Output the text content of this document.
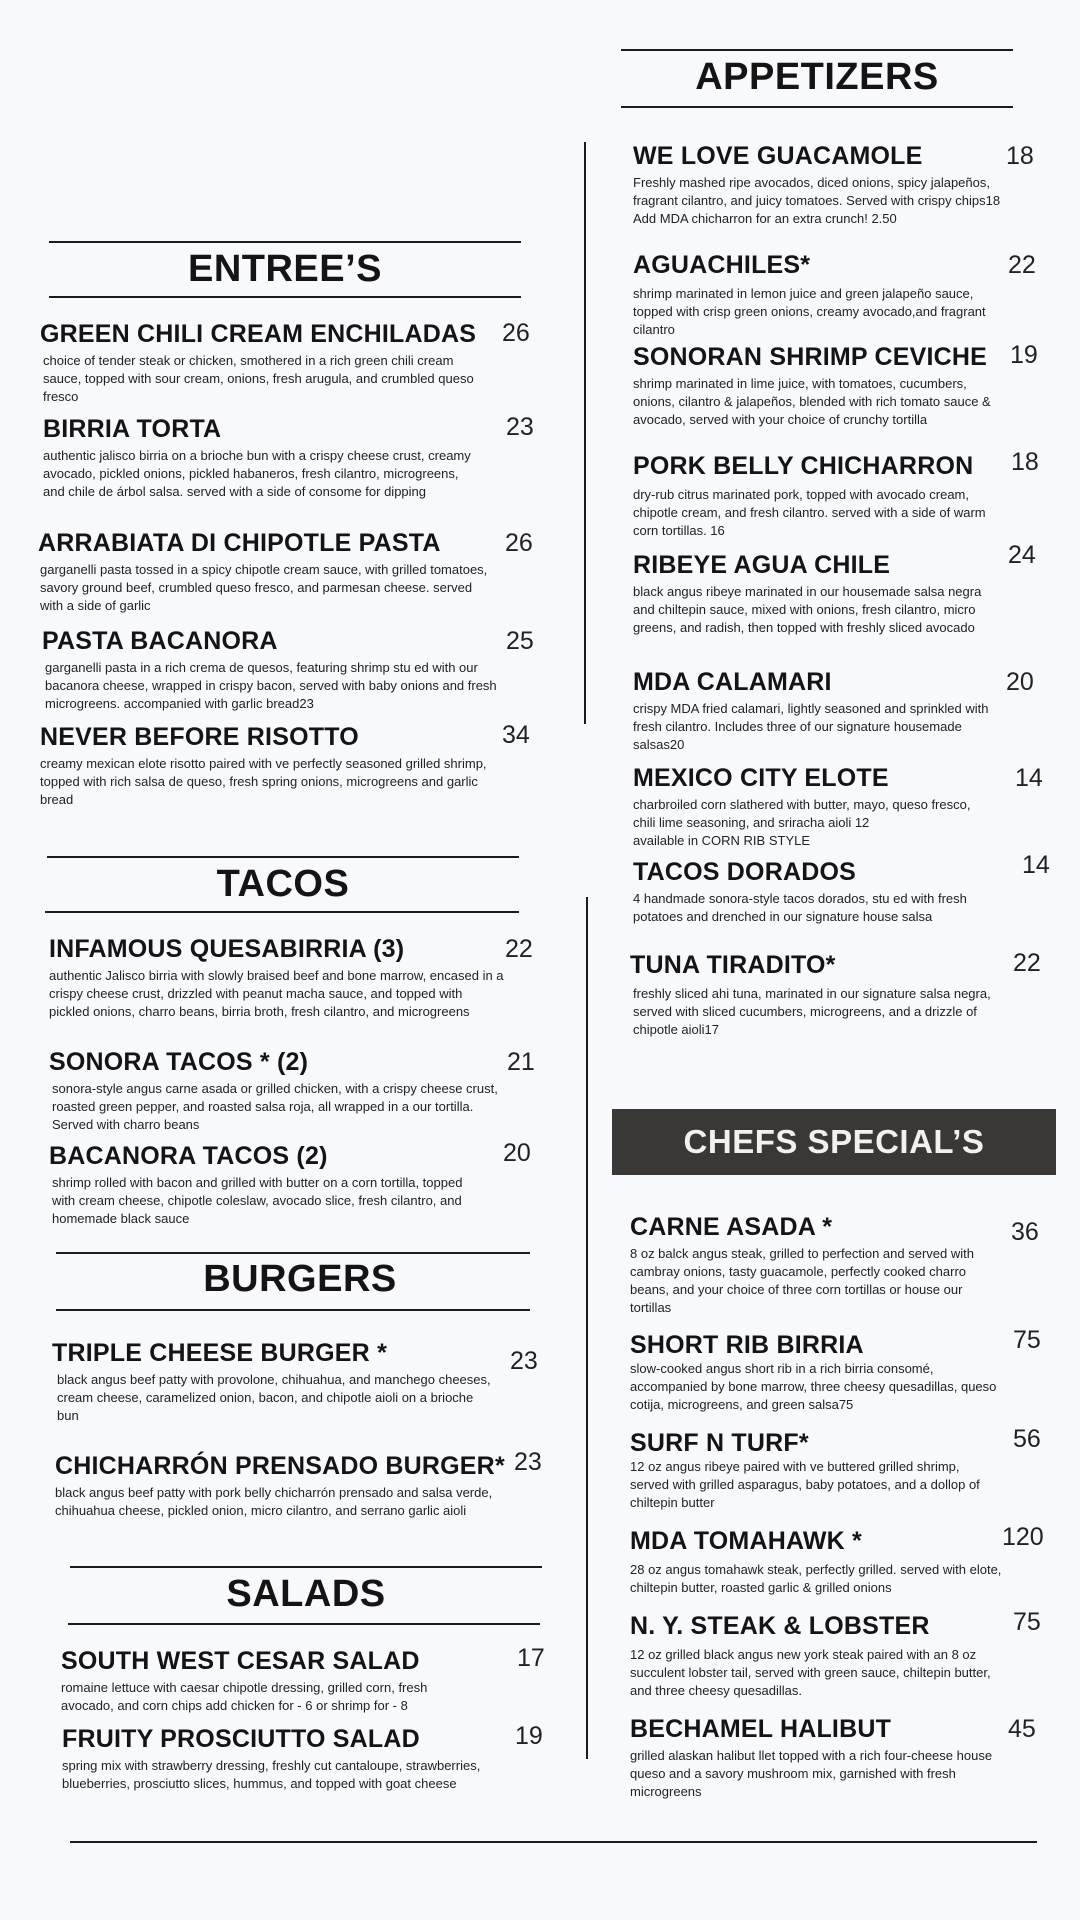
ENTREE’S
TACOS
BURGERS
SALADS
APPETIZERS
CHEFS SPECIAL’S
GREEN CHILI CREAM ENCHILADAS
choice of tender steak or chicken, smothered in a rich green chili cream sauce, topped with sour cream, onions, fresh arugula, and crumbled queso fresco
26
BIRRIA TORTA
authentic jalisco birria on a brioche bun with a crispy cheese crust, creamy avocado, pickled onions, pickled habaneros, fresh cilantro, microgreens, and chile de árbol salsa. served with a side of consome for dipping
23
ARRABIATA DI CHIPOTLE PASTA
garganelli pasta tossed in a spicy chipotle cream sauce, with grilled tomatoes, savory ground beef, crumbled queso fresco, and parmesan cheese. served with a side of garlic
26
PASTA BACANORA
garganelli pasta in a rich crema de quesos, featuring shrimp stu ed with our bacanora cheese, wrapped in crispy bacon, served with baby onions and fresh microgreens. accompanied with garlic bread23
25
NEVER BEFORE RISOTTO
creamy mexican elote risotto paired with ve perfectly seasoned grilled shrimp, topped with rich salsa de queso, fresh spring onions, microgreens and garlic bread
34
INFAMOUS QUESABIRRIA (3)
authentic Jalisco birria with slowly braised beef and bone marrow, encased in a crispy cheese crust, drizzled with peanut macha sauce, and topped with pickled onions, charro beans, birria broth, fresh cilantro, and microgreens
22
SONORA TACOS * (2)
sonora-style angus carne asada or grilled chicken, with a crispy cheese crust, roasted green pepper, and roasted salsa roja, all wrapped in a our tortilla. Served with charro beans
21
BACANORA TACOS (2)
shrimp rolled with bacon and grilled with butter on a corn tortilla, topped with cream cheese, chipotle coleslaw, avocado slice, fresh cilantro, and homemade black sauce
20
TRIPLE CHEESE BURGER *
black angus beef patty with provolone, chihuahua, and manchego cheeses, cream cheese, caramelized onion, bacon, and chipotle aioli on a brioche bun
23
CHICHARRÓN PRENSADO BURGER*
black angus beef patty with pork belly chicharrón prensado and salsa verde, chihuahua cheese, pickled onion, micro cilantro, and serrano garlic aioli
23
SOUTH WEST CESAR SALAD
romaine lettuce with caesar chipotle dressing, grilled corn, fresh avocado, and corn chips add chicken for - 6 or shrimp for - 8
17
FRUITY PROSCIUTTO SALAD
spring mix with strawberry dressing, freshly cut cantaloupe, strawberries, blueberries, prosciutto slices, hummus, and topped with goat cheese
19
WE LOVE GUACAMOLE
Freshly mashed ripe avocados, diced onions, spicy jalapeños, fragrant cilantro, and juicy tomatoes. Served with crispy chips18
Add MDA chicharron for an extra crunch! 2.50
18
AGUACHILES*
shrimp marinated in lemon juice and green jalapeño sauce, topped with crisp green onions, creamy avocado,and fragrant cilantro
22
SONORAN SHRIMP CEVICHE
shrimp marinated in lime juice, with tomatoes, cucumbers, onions, cilantro & jalapeños, blended with rich tomato sauce & avocado, served with your choice of crunchy tortilla
19
PORK BELLY CHICHARRON
dry-rub citrus marinated pork, topped with avocado cream, chipotle cream, and fresh cilantro. served with a side of warm corn tortillas. 16
18
RIBEYE AGUA CHILE
black angus ribeye marinated in our housemade salsa negra and chiltepin sauce, mixed with onions, fresh cilantro, micro greens, and radish, then topped with freshly sliced avocado
24
MDA CALAMARI
crispy MDA fried calamari, lightly seasoned and sprinkled with fresh cilantro. Includes three of our signature housemade salsas20
20
MEXICO CITY ELOTE
charbroiled corn slathered with butter, mayo, queso fresco, chili lime seasoning, and sriracha aioli 12
available in CORN RIB STYLE
14
TACOS DORADOS
4 handmade sonora-style tacos dorados, stu ed with fresh potatoes and drenched in our signature house salsa
14
TUNA TIRADITO*
freshly sliced ahi tuna, marinated in our signature salsa negra, served with sliced cucumbers, microgreens, and a drizzle of chipotle aioli17
22
CARNE ASADA *
8 oz balck angus steak, grilled to perfection and served with cambray onions, tasty guacamole, perfectly cooked charro beans, and your choice of three corn tortillas or house our tortillas
36
SHORT RIB BIRRIA
slow-cooked angus short rib in a rich birria consomé, accompanied by bone marrow, three cheesy quesadillas, queso cotija, microgreens, and green salsa75
75
SURF N TURF*
12 oz angus ribeye paired with ve buttered grilled shrimp, served with grilled asparagus, baby potatoes, and a dollop of chiltepin butter
56
MDA TOMAHAWK *
28 oz angus tomahawk steak, perfectly grilled. served with elote, chiltepin butter, roasted garlic & grilled onions
120
N. Y. STEAK & LOBSTER
12 oz grilled black angus new york steak paired with an 8 oz succulent lobster tail, served with green sauce, chiltepin butter, and three cheesy quesadillas.
75
BECHAMEL HALIBUT
grilled alaskan halibut llet topped with a rich four-cheese house queso and a savory mushroom mix, garnished with fresh microgreens
45
